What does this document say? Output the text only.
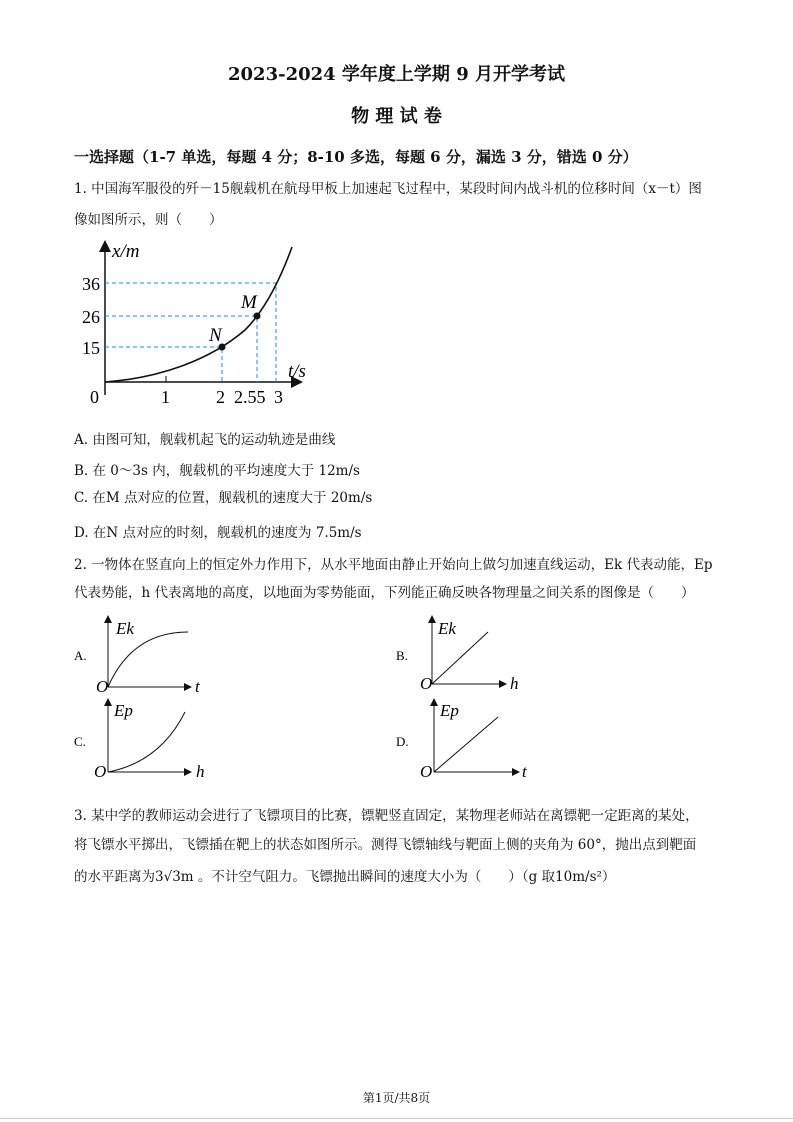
2023-2024 学年度上学期 9 月开学考试
物 理 试 卷
一选择题（1-7 单选，每题 4 分；8-10 多选，每题 6 分，漏选 3 分，错选 0 分）
1. 中国海军服役的歼－15舰载机在航母甲板上加速起飞过程中，某段时间内战斗机的位移时间（x－t）图
像如图所示，则（　　）
x/m
t/s
0	1	2 2.55 3
36
26
15
M
N
A. 由图可知，舰载机起飞的运动轨迹是曲线
B. 在 0～3s 内，舰载机的平均速度大于 12m/s
C. 在M 点对应的位置，舰载机的速度大于 20m/s
D. 在N 点对应的时刻，舰载机的速度为 7.5m/s
2. 一物体在竖直向上的恒定外力作用下，从水平地面由静止开始向上做匀加速直线运动，Ek 代表动能，Ep
代表势能，h 代表离地的高度，以地面为零势能面，下列能正确反映各物理量之间关系的图像是（　　）
A.
Ek
O	t
B.
Ek
O	h
C.
Ep
O	h
D.
Ep
O	t
3. 某中学的教师运动会进行了飞镖项目的比赛，镖靶竖直固定，某物理老师站在离镖靶一定距离的某处，
将飞镖水平掷出，飞镖插在靶上的状态如图所示。测得飞镖轴线与靶面上侧的夹角为 60°，抛出点到靶面
的水平距离为3√3m 。不计空气阻力。飞镖抛出瞬间的速度大小为（　　）（g 取10m/s²）
第1页/共8页
